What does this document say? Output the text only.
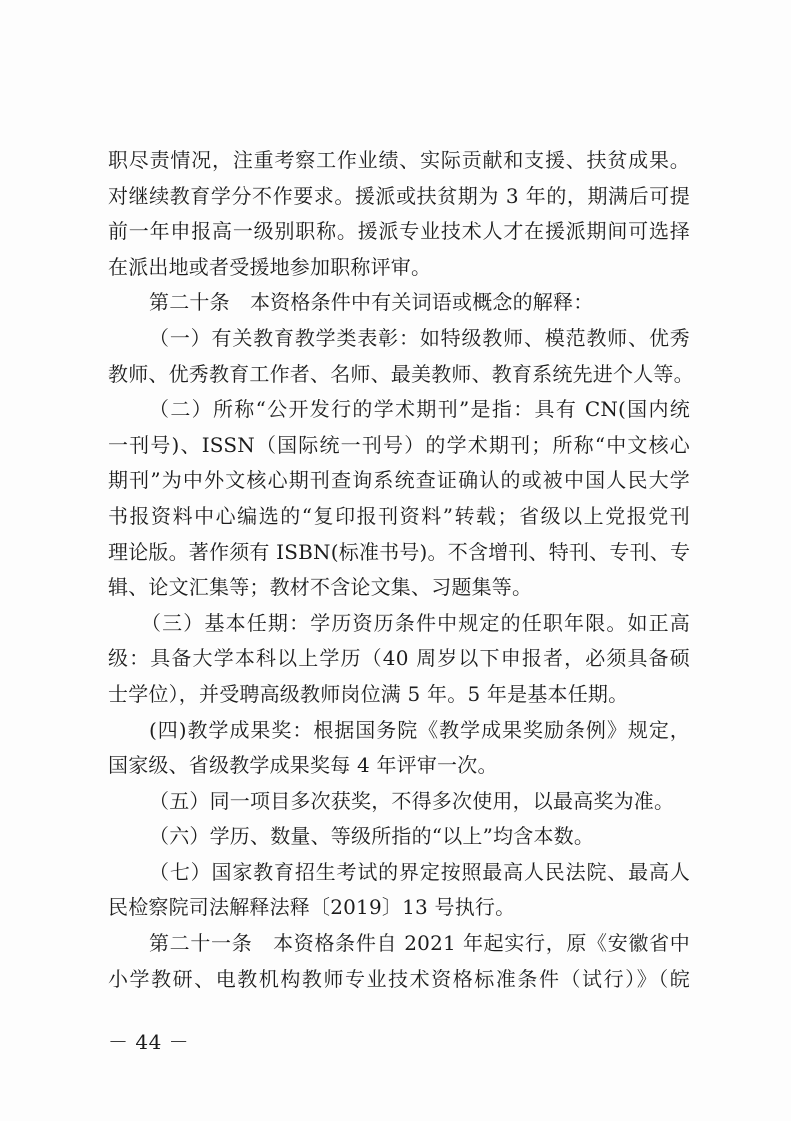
职尽责情况，注重考察工作业绩、实际贡献和支援、扶贫成果。
对继续教育学分不作要求。援派或扶贫期为 3 年的，期满后可提
前一年申报高一级别职称。援派专业技术人才在援派期间可选择
在派出地或者受援地参加职称评审。
第二十条　本资格条件中有关词语或概念的解释：
（一）有关教育教学类表彰：如特级教师、模范教师、优秀
教师、优秀教育工作者、名师、最美教师、教育系统先进个人等。
（二）所称“公开发行的学术期刊”是指：具有 CN(国内统
一刊号)、ISSN（国际统一刊号）的学术期刊；所称“中文核心
期刊”为中外文核心期刊查询系统查证确认的或被中国人民大学
书报资料中心编选的“复印报刊资料”转载；省级以上党报党刊
理论版。著作须有 ISBN(标准书号)。不含增刊、特刊、专刊、专
辑、论文汇集等；教材不含论文集、习题集等。
（三）基本任期：学历资历条件中规定的任职年限。如正高
级：具备大学本科以上学历（40 周岁以下申报者，必须具备硕
士学位），并受聘高级教师岗位满 5 年。5 年是基本任期。
(四)教学成果奖：根据国务院《教学成果奖励条例》规定，
国家级、省级教学成果奖每 4 年评审一次。
（五）同一项目多次获奖，不得多次使用，以最高奖为准。
（六）学历、数量、等级所指的“以上”均含本数。
（七）国家教育招生考试的界定按照最高人民法院、最高人
民检察院司法解释法释〔2019〕13 号执行。
第二十一条　本资格条件自 2021 年起实行，原《安徽省中
小学教研、电教机构教师专业技术资格标准条件（试行）》（皖
－ 44 －
